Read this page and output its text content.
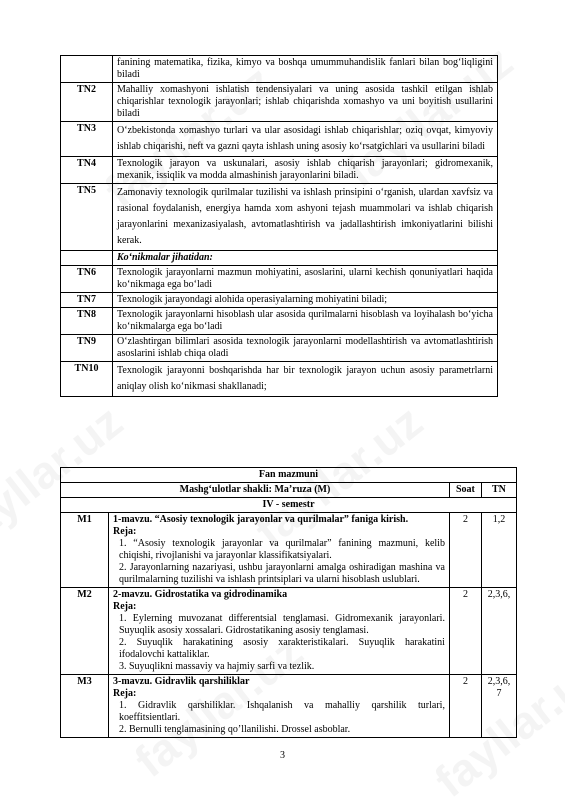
	fanining matematika, fizika, kimyo va boshqa umummuhandislik fanlari bilan bog‘liqligini biladi
TN2	Mahalliy xomashyoni ishlatish tendensiyalari va uning asosida tashkil etilgan ishlab chiqarishlar texnologik jarayonlari; ishlab chiqarishda xomashyo va uni boyitish usullarini biladi
TN3	O‘zbekistonda xomashyo turlari va ular asosidagi ishlab chiqarishlar; oziq ovqat, kimyoviy ishlab chiqarishi, neft va gazni qayta ishlash uning asosiy ko‘rsatgichlari va usullarini biladi
TN4	Texnologik jarayon va uskunalari, asosiy ishlab chiqarish jarayonlari; gidromexanik, mexanik, issiqlik va modda almashinish jarayonlarini biladi.
TN5	Zamonaviy texnologik qurilmalar tuzilishi va ishlash prinsipini o‘rganish, ulardan xavfsiz va rasional foydalanish, energiya hamda xom ashyoni tejash muammolari va ishlab chiqarish jarayonlarini mexanizasiyalash, avtomatlashtirish va jadallashtirish imkoniyatlarini bilishi kerak.
	Ko‘nikmalar jihatidan:
TN6	Texnologik jarayonlarni mazmun mohiyatini, asoslarini, ularni kechish qonuniyatlari haqida ko‘nikmaga ega bo‘ladi
TN7	Texnologik jarayondagi alohida operasiyalarning mohiyatini biladi;
TN8	Texnologik jarayonlarni hisoblash ular asosida qurilmalarni hisoblash va loyihalash bo‘yicha ko‘nikmalarga ega bo‘ladi
TN9	O‘zlashtirgan bilimlari asosida texnologik jarayonlarni modellashtirish va avtomatlashtirish asoslarini ishlab chiqa oladi
TN10	Texnologik jarayonni boshqarishda har bir texnologik jarayon uchun asosiy parametrlarni aniqlay olish ko‘nikmasi shakllanadi;
Fan mazmuni			
Mashg‘ulotlar shakli: Ma’ruza (M)		Soat	TN
IV - semestr			
M1	1-mavzu. “Asosiy texnologik jarayonlar va qurilmalar” faniga kirish.
Reja:
1. “Asosiy texnologik jarayonlar va qurilmalar” fanining mazmuni, kelib chiqishi, rivojlanishi va jarayonlar klassifikatsiyalari.
2. Jarayonlarning nazariyasi, ushbu jarayonlarni amalga oshiradigan mashina va qurilmalarning tuzilishi va ishlash printsiplari va ularni hisoblash uslublari.	2	1,2
M2	2-mavzu. Gidrostatika va gidrodinamika
Reja:
1. Eylerning muvozanat differentsial tenglamasi. Gidromexanik jarayonlari. Suyuqlik asosiy xossalari. Gidrostatikaning asosiy tenglamasi.
2. Suyuqlik harakatining asosiy xarakteristikalari. Suyuqlik harakatini ifodalovchi kattaliklar.
3. Suyuqlikni massaviy va hajmiy sarfi va tezlik.	2	2,3,6,
M3	3-mavzu. Gidravlik qarshiliklar
Reja:
1. Gidravlik qarshiliklar. Ishqalanish va mahalliy qarshilik turlari, koeffitsientlari.
2. Bernulli tenglamasining qo’llanilishi. Drossel asboblar.	2	2,3,6, 7
3
